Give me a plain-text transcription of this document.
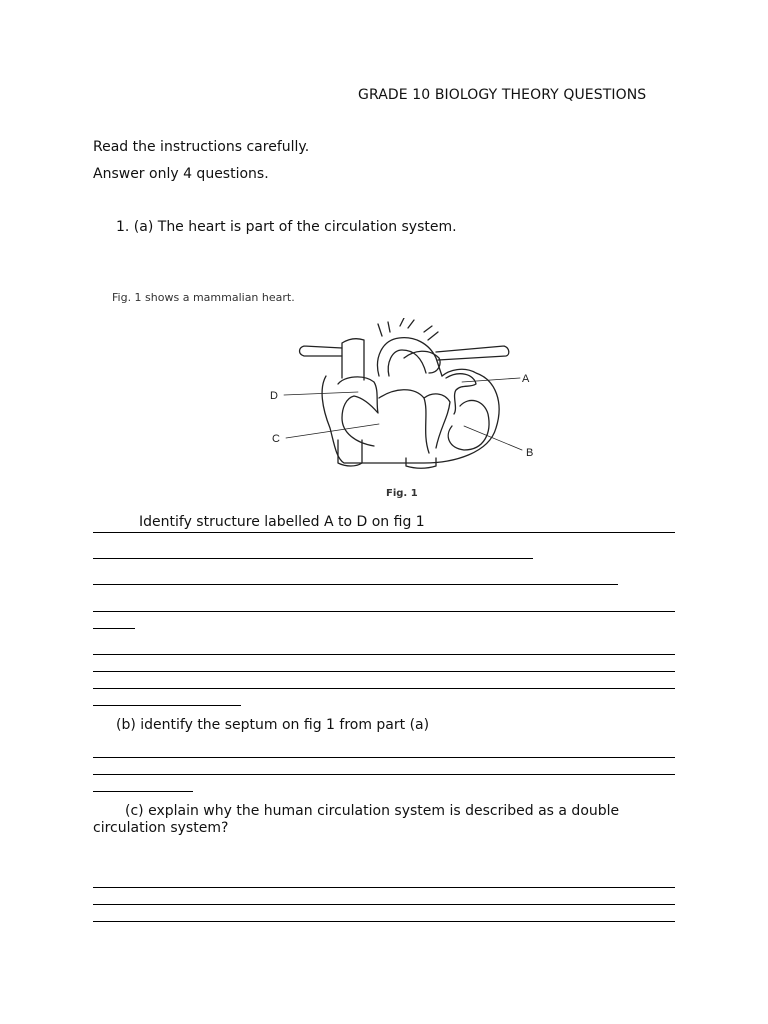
GRADE 10 BIOLOGY THEORY QUESTIONS
Read the instructions carefully.
Answer only 4 questions.
1. (a) The heart is part of the circulation system.
Fig. 1 shows a mammalian heart.
A
B
C
D
Fig. 1
Identify structure labelled A to D on fig 1
(b) identify the septum on fig 1 from part (a)
(c) explain why the human circulation system is described as a double circulation system?
